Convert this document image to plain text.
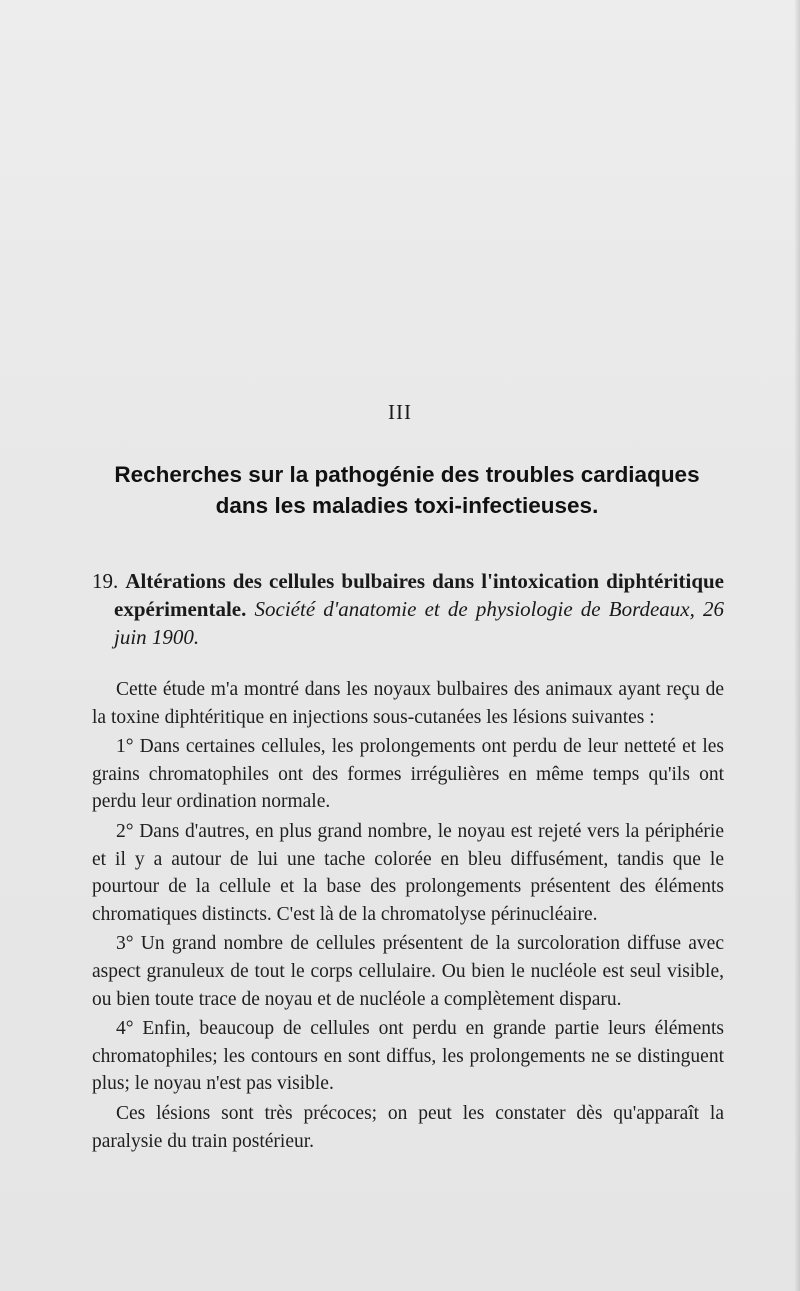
III
Recherches sur la pathogénie des troubles cardiaques dans les maladies toxi-infectieuses.

19. Altérations des cellules bulbaires dans l'intoxication diphtéritique expérimentale. Société d'anatomie et de physiologie de Bordeaux, 26 juin 1900.

Cette étude m'a montré dans les noyaux bulbaires des animaux ayant reçu de la toxine diphtéritique en injections sous-cutanées les lésions suivantes :

1° Dans certaines cellules, les prolongements ont perdu de leur netteté et les grains chromatophiles ont des formes irrégulières en même temps qu'ils ont perdu leur ordination normale.

2° Dans d'autres, en plus grand nombre, le noyau est rejeté vers la périphérie et il y a autour de lui une tache colorée en bleu diffusément, tandis que le pourtour de la cellule et la base des prolongements présentent des éléments chromatiques distincts. C'est là de la chromatolyse périnucléaire.

3° Un grand nombre de cellules présentent de la surcoloration diffuse avec aspect granuleux de tout le corps cellulaire. Ou bien le nucléole est seul visible, ou bien toute trace de noyau et de nucléole a complètement disparu.

4° Enfin, beaucoup de cellules ont perdu en grande partie leurs éléments chromatophiles; les contours en sont diffus, les prolongements ne se distinguent plus; le noyau n'est pas visible.

Ces lésions sont très précoces; on peut les constater dès qu'apparaît la paralysie du train postérieur.
